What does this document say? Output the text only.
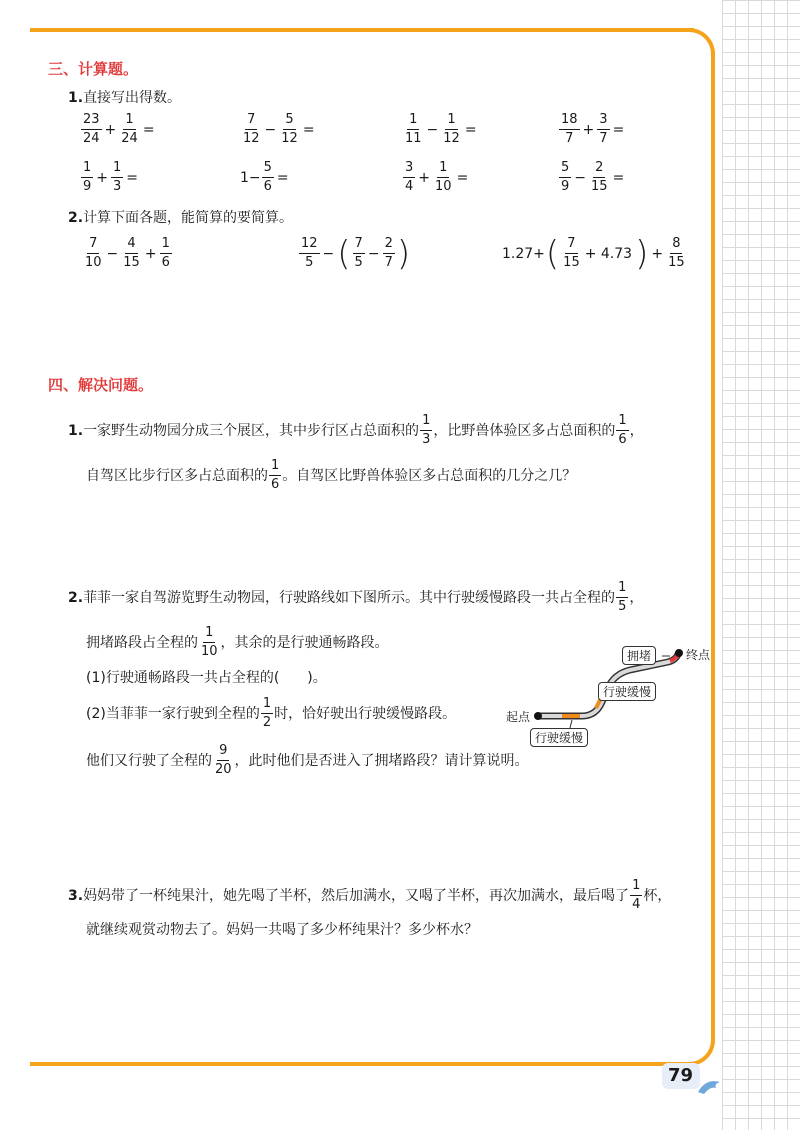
三、计算题。
1.直接写出得数。
$\frac{23}{24} + \frac{1}{24}$ =	$\frac{7}{12} - \frac{5}{12}$ =	$\frac{1}{11} - \frac{1}{12}$ =	$\frac{18}{7} + \frac{3}{7}$ =
$\frac{1}{9} + \frac{1}{3}$ =	$1- \frac{5}{6}$ =	$\frac{3}{4} + \frac{1}{10}$ =	$\frac{5}{9} - \frac{2}{15}$ =
2.计算下面各题，能简算的要简算。
$\frac{7}{10} - \frac{4}{15} + \frac{1}{6}$	$\frac{12}{5}$ − ( $\frac{7}{5} - \frac{2}{7}$ )	1.27+ ( $\frac{7}{15} + 4.73$ ) + $\frac{8}{15}$
四、解决问题。
1. 一家野生动物园分成三个展区，其中步行区占总面积的 $\frac{1}{3}$ ，比野兽体验区多占总面积的 $\frac{1}{6}$ ，
自驾区比步行区多占总面积的 $\frac{1}{6}$ 。自驾区比野兽体验区多占总面积的几分之几？
2. 菲菲一家自驾游览野生动物园，行驶路线如下图所示。其中行驶缓慢路段一共占全程的 $\frac{1}{5}$ ，
拥堵路段占全程的 $\frac{1}{10}$ ，其余的是行驶通畅路段。
(1)行驶通畅路段一共占全程的(　　)。
(2)当菲菲一家行驶到全程的 $\frac{1}{2}$ 时，恰好驶出行驶缓慢路段。
他们又行驶了全程的 $\frac{9}{20}$ ，此时他们是否进入了拥堵路段？请计算说明。
起点
终点
拥堵
行驶缓慢
行驶缓慢
3. 妈妈带了一杯纯果汁，她先喝了半杯，然后加满水，又喝了半杯，再次加满水，最后喝了 $\frac{1}{4}$ 杯，
就继续观赏动物去了。妈妈一共喝了多少杯纯果汁？多少杯水？
79
